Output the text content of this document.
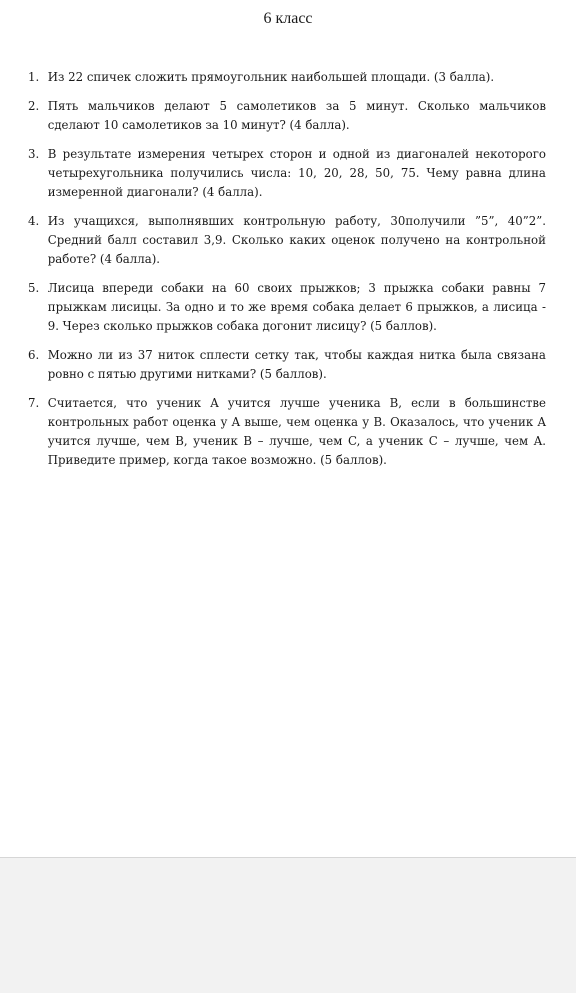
6 класс
1. Из 22 спичек сложить прямоугольник наибольшей площади. (3 балла).
2. Пять мальчиков делают 5 самолетиков за 5 минут. Сколько мальчиков сделают 10 самолетиков за 10 минут? (4 балла).
3. В результате измерения четырех сторон и одной из диагоналей некоторого четырехугольника получились числа: 10, 20, 28, 50, 75. Чему равна длина измеренной диагонали? (4 балла).
4. Из учащихся, выполнявших контрольную работу, 30получили ”5”, 40”2”. Средний балл составил 3,9. Сколько каких оценок получено на контрольной работе? (4 балла).
5. Лисица впереди собаки на 60 своих прыжков; 3 прыжка собаки равны 7 прыжкам лисицы. За одно и то же время собака делает 6 прыжков, а лисица - 9. Через сколько прыжков собака догонит лисицу? (5 баллов).
6. Можно ли из 37 ниток сплести сетку так, чтобы каждая нитка была связана ровно с пятью другими нитками? (5 баллов).
7. Считается, что ученик A учится лучше ученика B, если в большинстве контрольных работ оценка у A выше, чем оценка у B. Оказалось, что ученик A учится лучше, чем B, ученик B – лучше, чем C, а ученик C – лучше, чем A. Приведите пример, когда такое возможно. (5 баллов).
